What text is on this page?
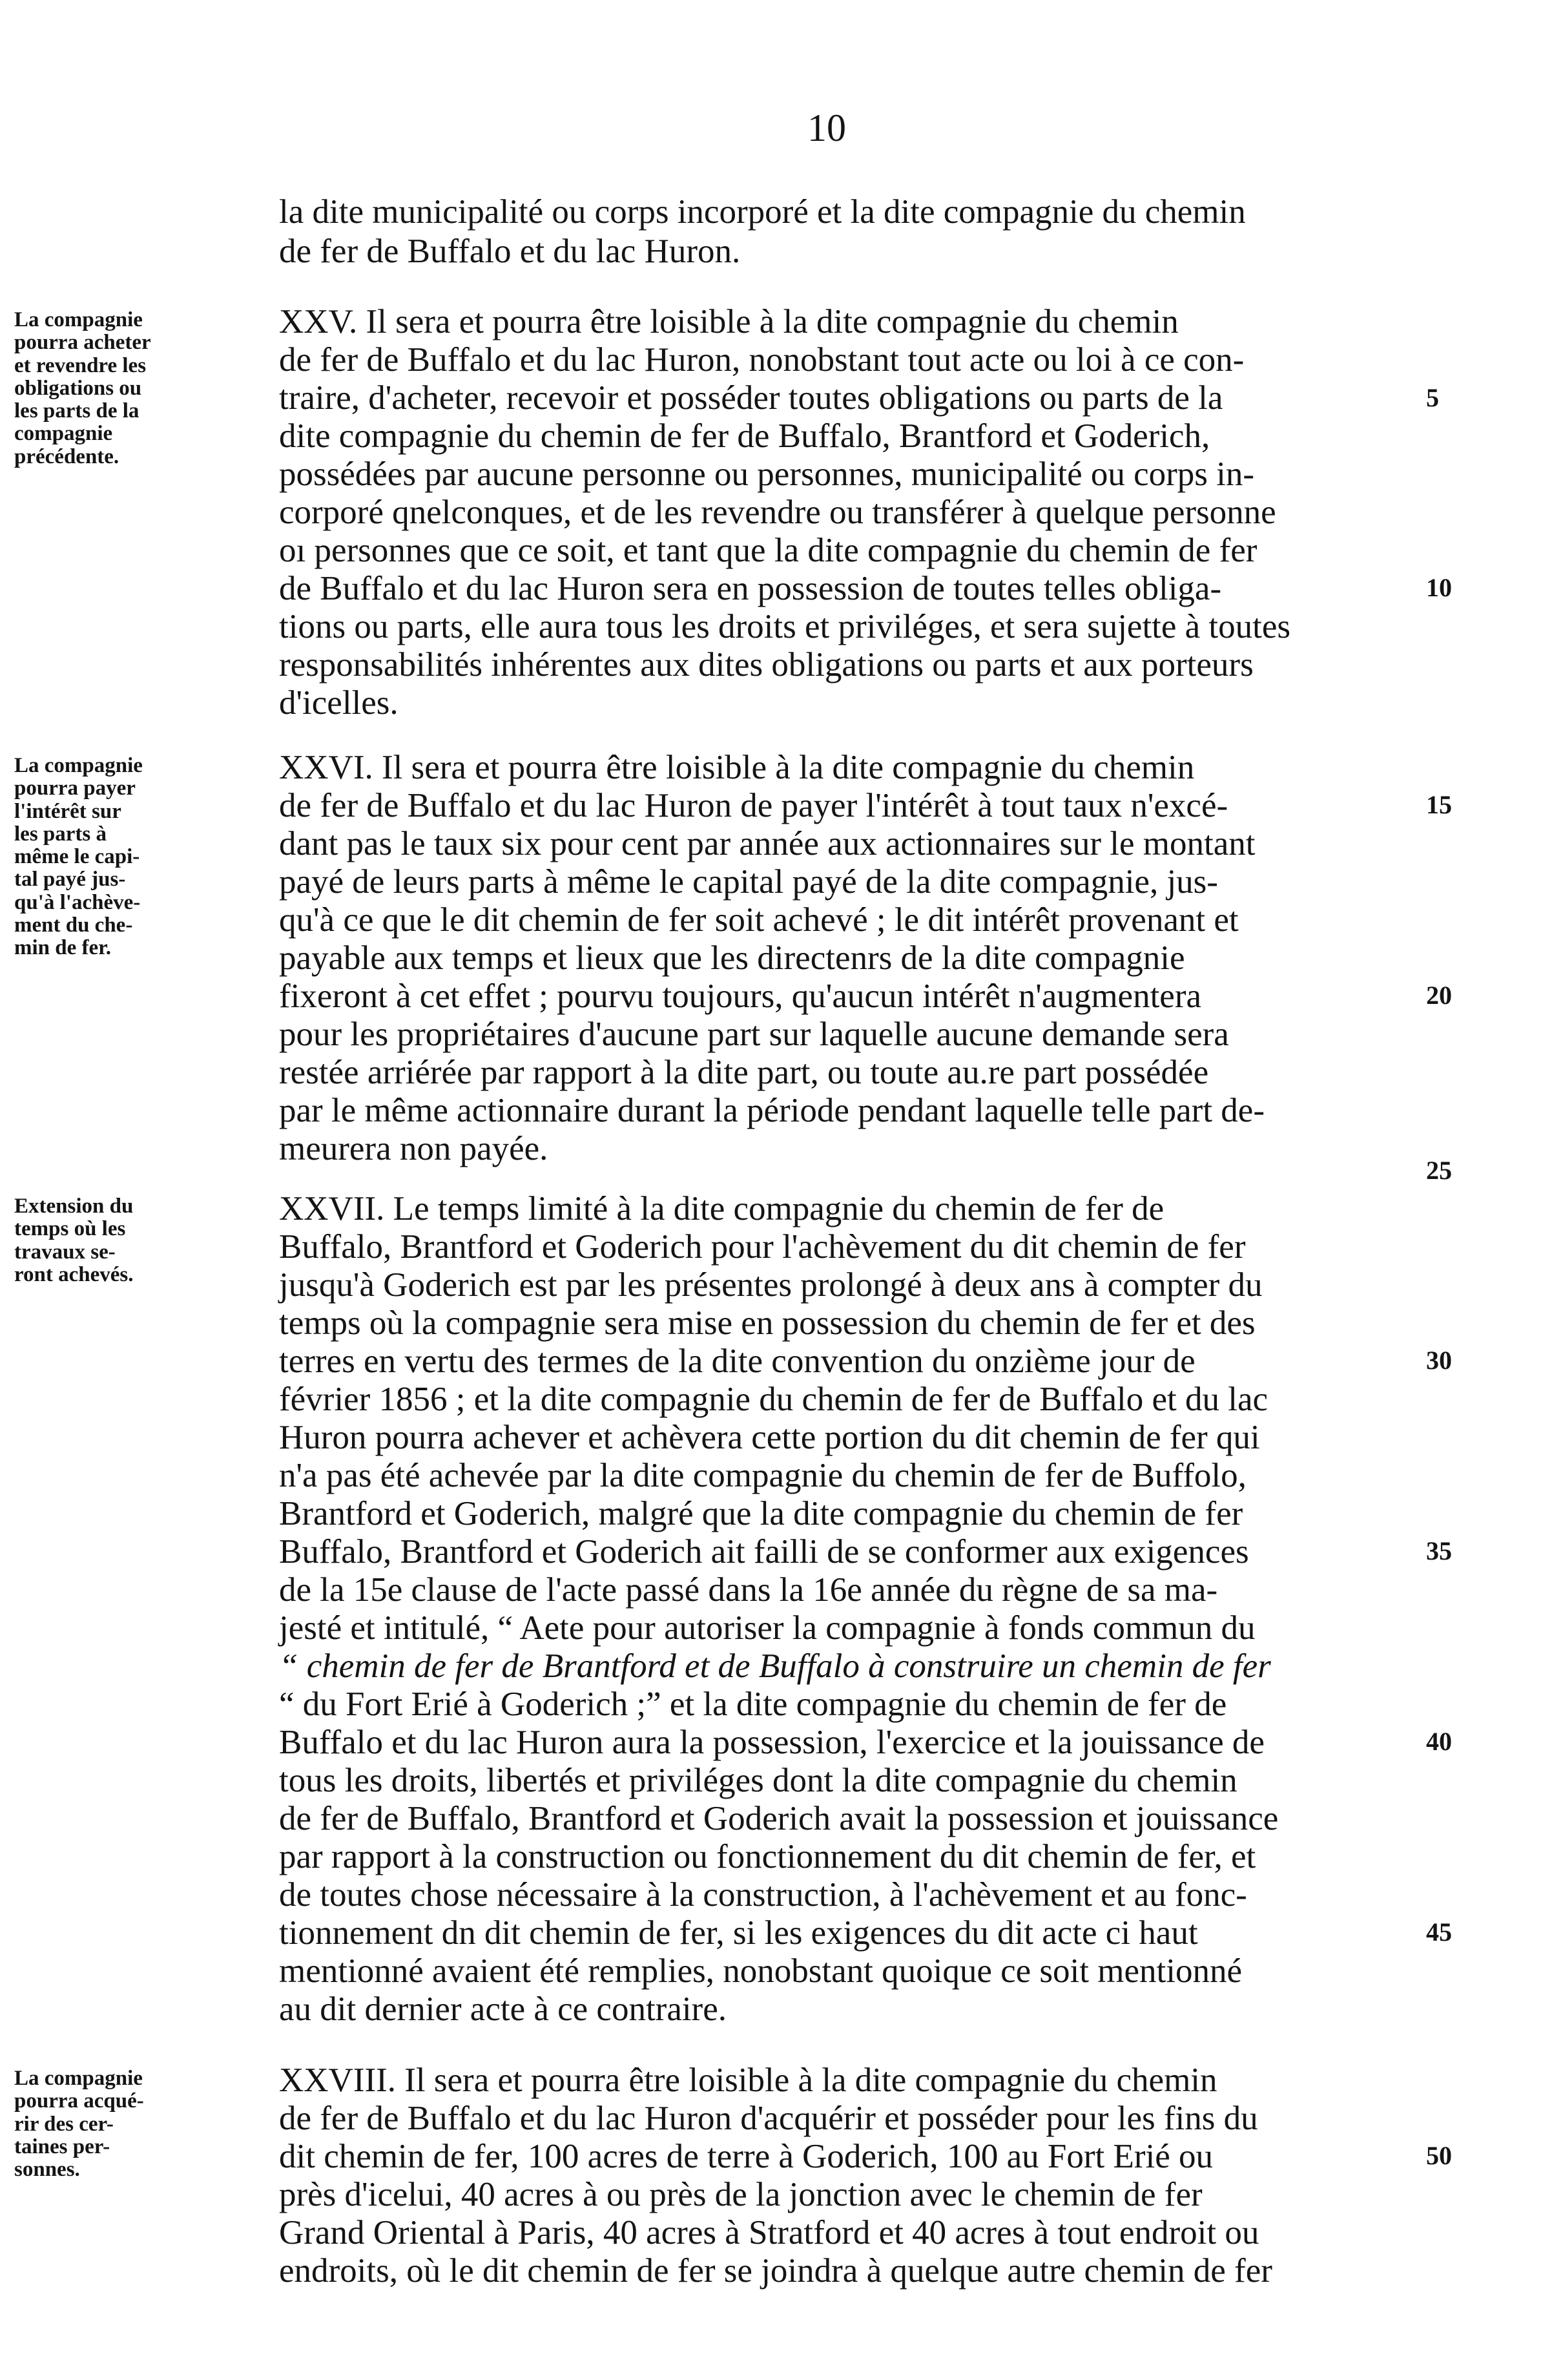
10
la dite municipalité ou corps incorporé et la dite compagnie du chemin
de fer de Buffalo et du lac Huron.
XXV. Il sera et pourra être loisible à la dite compagnie du chemin
de fer de Buffalo et du lac Huron, nonobstant tout acte ou loi à ce con-
traire, d'acheter, recevoir et posséder toutes obligations ou parts de la
dite compagnie du chemin de fer de Buffalo, Brantford et Goderich,
possédées par aucune personne ou personnes, municipalité ou corps in-
corporé qnelconques, et de les revendre ou transférer à quelque personne
oı personnes que ce soit, et tant que la dite compagnie du chemin de fer
de Buffalo et du lac Huron sera en possession de toutes telles obliga-
tions ou parts, elle aura tous les droits et priviléges, et sera sujette à toutes
responsabilités inhérentes aux dites obligations ou parts et aux porteurs
d'icelles.
XXVI. Il sera et pourra être loisible à la dite compagnie du chemin
de fer de Buffalo et du lac Huron de payer l'intérêt à tout taux n'excé-
dant pas le taux six pour cent par année aux actionnaires sur le montant
payé de leurs parts à même le capital payé de la dite compagnie, jus-
qu'à ce que le dit chemin de fer soit achevé ; le dit intérêt provenant et
payable aux temps et lieux que les directenrs de la dite compagnie
fixeront à cet effet ; pourvu toujours, qu'aucun intérêt n'augmentera
pour les propriétaires d'aucune part sur laquelle aucune demande sera
restée arriérée par rapport à la dite part, ou toute au.re part possédée
par le même actionnaire durant la période pendant laquelle telle part de-
meurera non payée.
XXVII. Le temps limité à la dite compagnie du chemin de fer de
Buffalo, Brantford et Goderich pour l'achèvement du dit chemin de fer
jusqu'à Goderich est par les présentes prolongé à deux ans à compter du
temps où la compagnie sera mise en possession du chemin de fer et des
terres en vertu des termes de la dite convention du onzième jour de
février 1856 ; et la dite compagnie du chemin de fer de Buffalo et du lac
Huron pourra achever et achèvera cette portion du dit chemin de fer qui
n'a pas été achevée par la dite compagnie du chemin de fer de Buffolo,
Brantford et Goderich, malgré que la dite compagnie du chemin de fer
Buffalo, Brantford et Goderich ait failli de se conformer aux exigences
de la 15e clause de l'acte passé dans la 16e année du règne de sa ma-
jesté et intitulé, “ Aete pour autoriser la compagnie à fonds commun du
“ chemin de fer de Brantford et de Buffalo à construire un chemin de fer
“ du Fort Erié à Goderich ;” et la dite compagnie du chemin de fer de
Buffalo et du lac Huron aura la possession, l'exercice et la jouissance de
tous les droits, libertés et priviléges dont la dite compagnie du chemin
de fer de Buffalo, Brantford et Goderich avait la possession et jouissance
par rapport à la construction ou fonctionnement du dit chemin de fer, et
de toutes chose nécessaire à la construction, à l'achèvement et au fonc-
tionnement dn dit chemin de fer, si les exigences du dit acte ci haut
mentionné avaient été remplies, nonobstant quoique ce soit mentionné
au dit dernier acte à ce contraire.
XXVIII. Il sera et pourra être loisible à la dite compagnie du chemin
de fer de Buffalo et du lac Huron d'acquérir et posséder pour les fins du
dit chemin de fer, 100 acres de terre à Goderich, 100 au Fort Erié ou
près d'icelui, 40 acres à ou près de la jonction avec le chemin de fer
Grand Oriental à Paris, 40 acres à Stratford et 40 acres à tout endroit ou
endroits, où le dit chemin de fer se joindra à quelque autre chemin de fer
La compagnie
pourra acheter
et revendre les
obligations ou
les parts de la
compagnie
précédente.
La compagnie
pourra payer
l'intérêt sur
les parts à
même le capi-
tal payé jus-
qu'à l'achève-
ment du che-
min de fer.
Extension du
temps où les
travaux se-
ront achevés.
La compagnie
pourra acqué-
rir des cer-
taines per-
sonnes.
5
10
15
20
25
30
35
40
45
50
